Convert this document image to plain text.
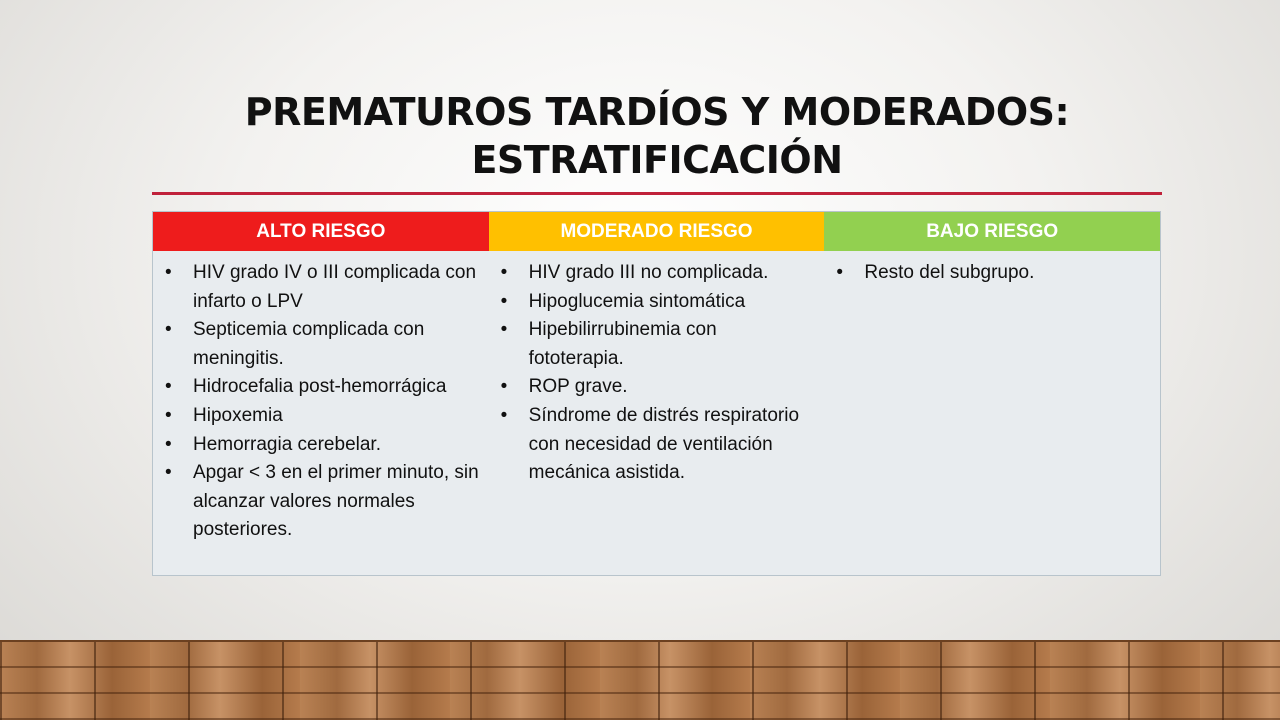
PREMATUROS TARDÍOS Y MODERADOS:
ESTRATIFICACIÓN
ALTO RIESGO	MODERADO RIESGO	BAJO RIESGO
• HIV grado IV o III complicada con infarto o LPV
• Septicemia complicada con meningitis.
• Hidrocefalia post-hemorrágica
• Hipoxemia
• Hemorragia cerebelar.
• Apgar < 3 en el primer minuto, sin alcanzar valores normales posteriores.
• HIV grado III no complicada.
• Hipoglucemia sintomática
• Hipebilirrubinemia con fototerapia.
• ROP grave.
• Síndrome de distrés respiratorio con necesidad de ventilación mecánica asistida.
• Resto del subgrupo.
